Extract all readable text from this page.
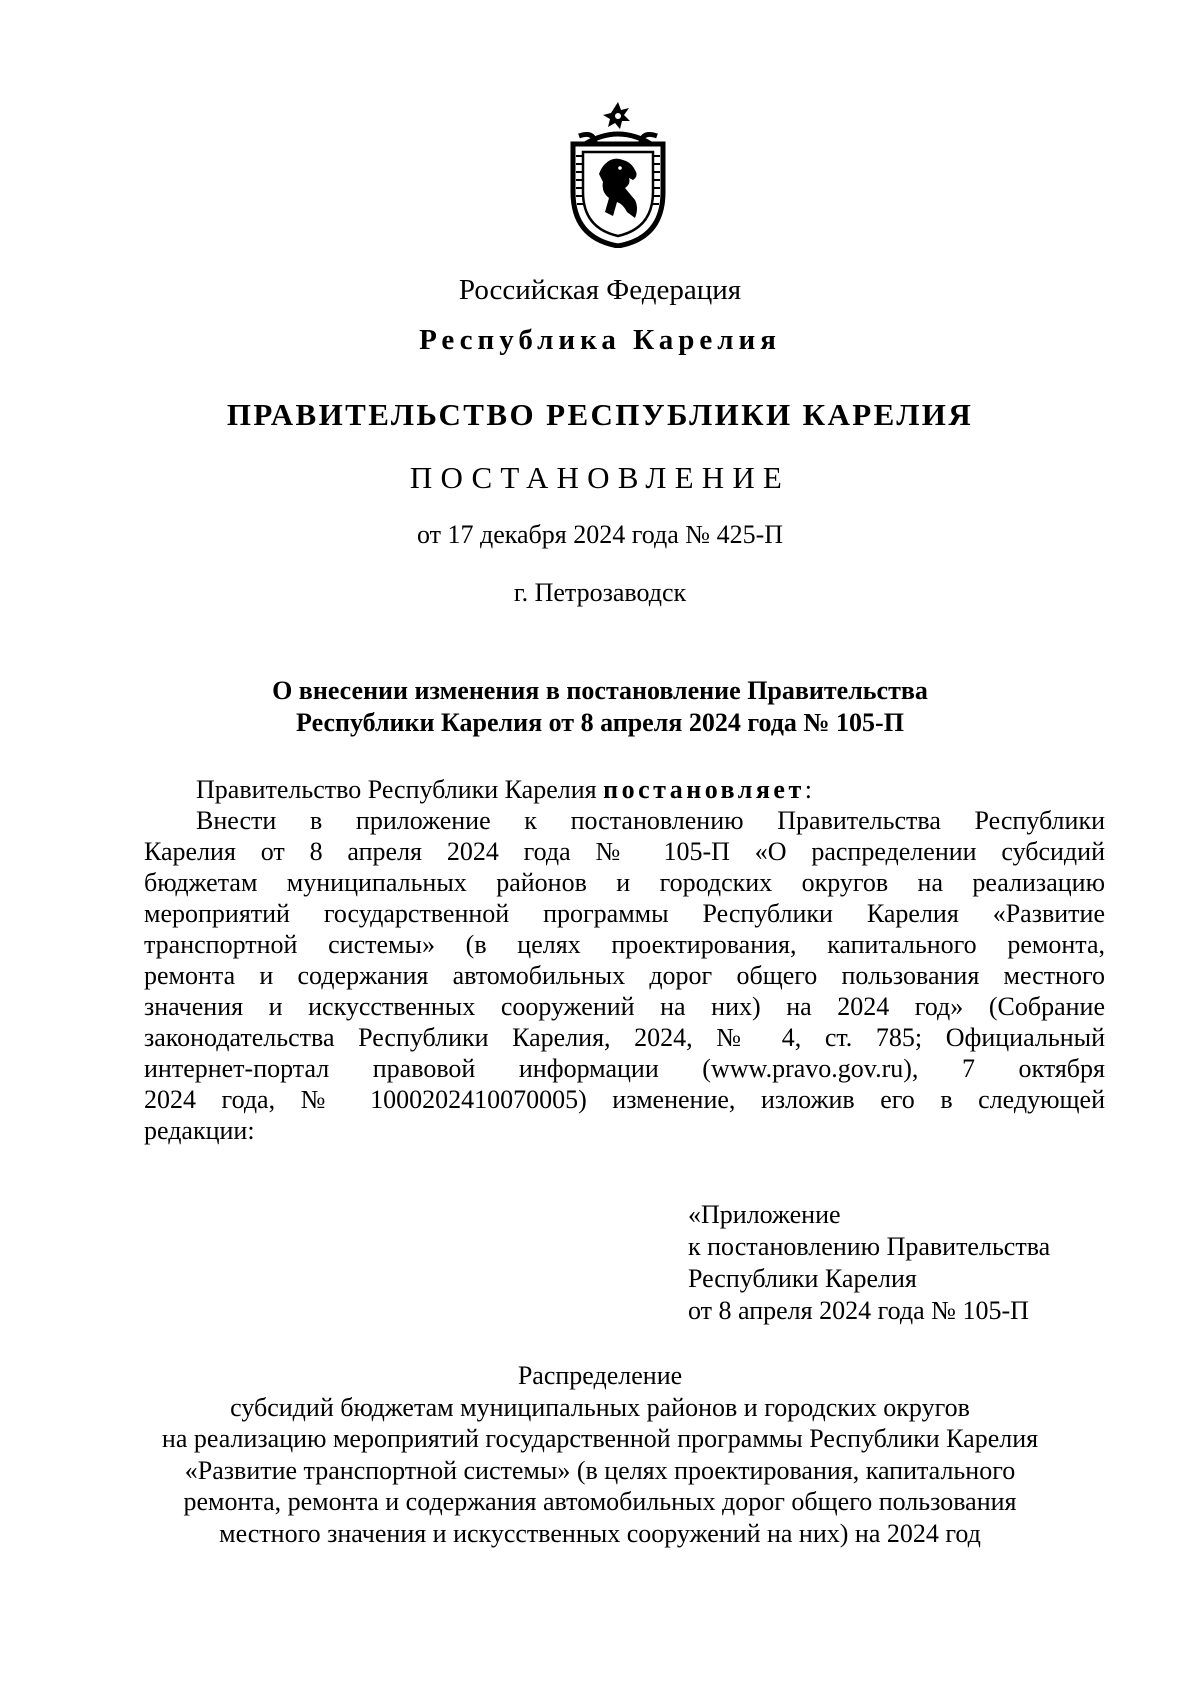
Российская Федерация
Республика Карелия
ПРАВИТЕЛЬСТВО РЕСПУБЛИКИ КАРЕЛИЯ
ПОСТАНОВЛЕНИЕ
от 17 декабря 2024 года № 425-П
г. Петрозаводск
О внесении изменения в постановление Правительства
Республики Карелия от 8 апреля 2024 года № 105-П
Правительство Республики Карелия постановляет:
Внести в приложение к постановлению Правительства Республики
Карелия от 8 апреля 2024 года № 105-П «О распределении субсидий
бюджетам муниципальных районов и городских округов на реализацию
мероприятий государственной программы Республики Карелия «Развитие
транспортной системы» (в целях проектирования, капитального ремонта,
ремонта и содержания автомобильных дорог общего пользования местного
значения и искусственных сооружений на них) на 2024 год» (Собрание
законодательства Республики Карелия, 2024, № 4, ст. 785; Официальный
интернет-портал правовой информации (www.pravo.gov.ru), 7 октября
2024 года, № 1000202410070005) изменение, изложив его в следующей
редакции:
«Приложение
к постановлению Правительства
Республики Карелия
от 8 апреля 2024 года № 105-П
Распределение
субсидий бюджетам муниципальных районов и городских округов
на реализацию мероприятий государственной программы Республики Карелия
«Развитие транспортной системы» (в целях проектирования, капитального
ремонта, ремонта и содержания автомобильных дорог общего пользования
местного значения и искусственных сооружений на них) на 2024 год
